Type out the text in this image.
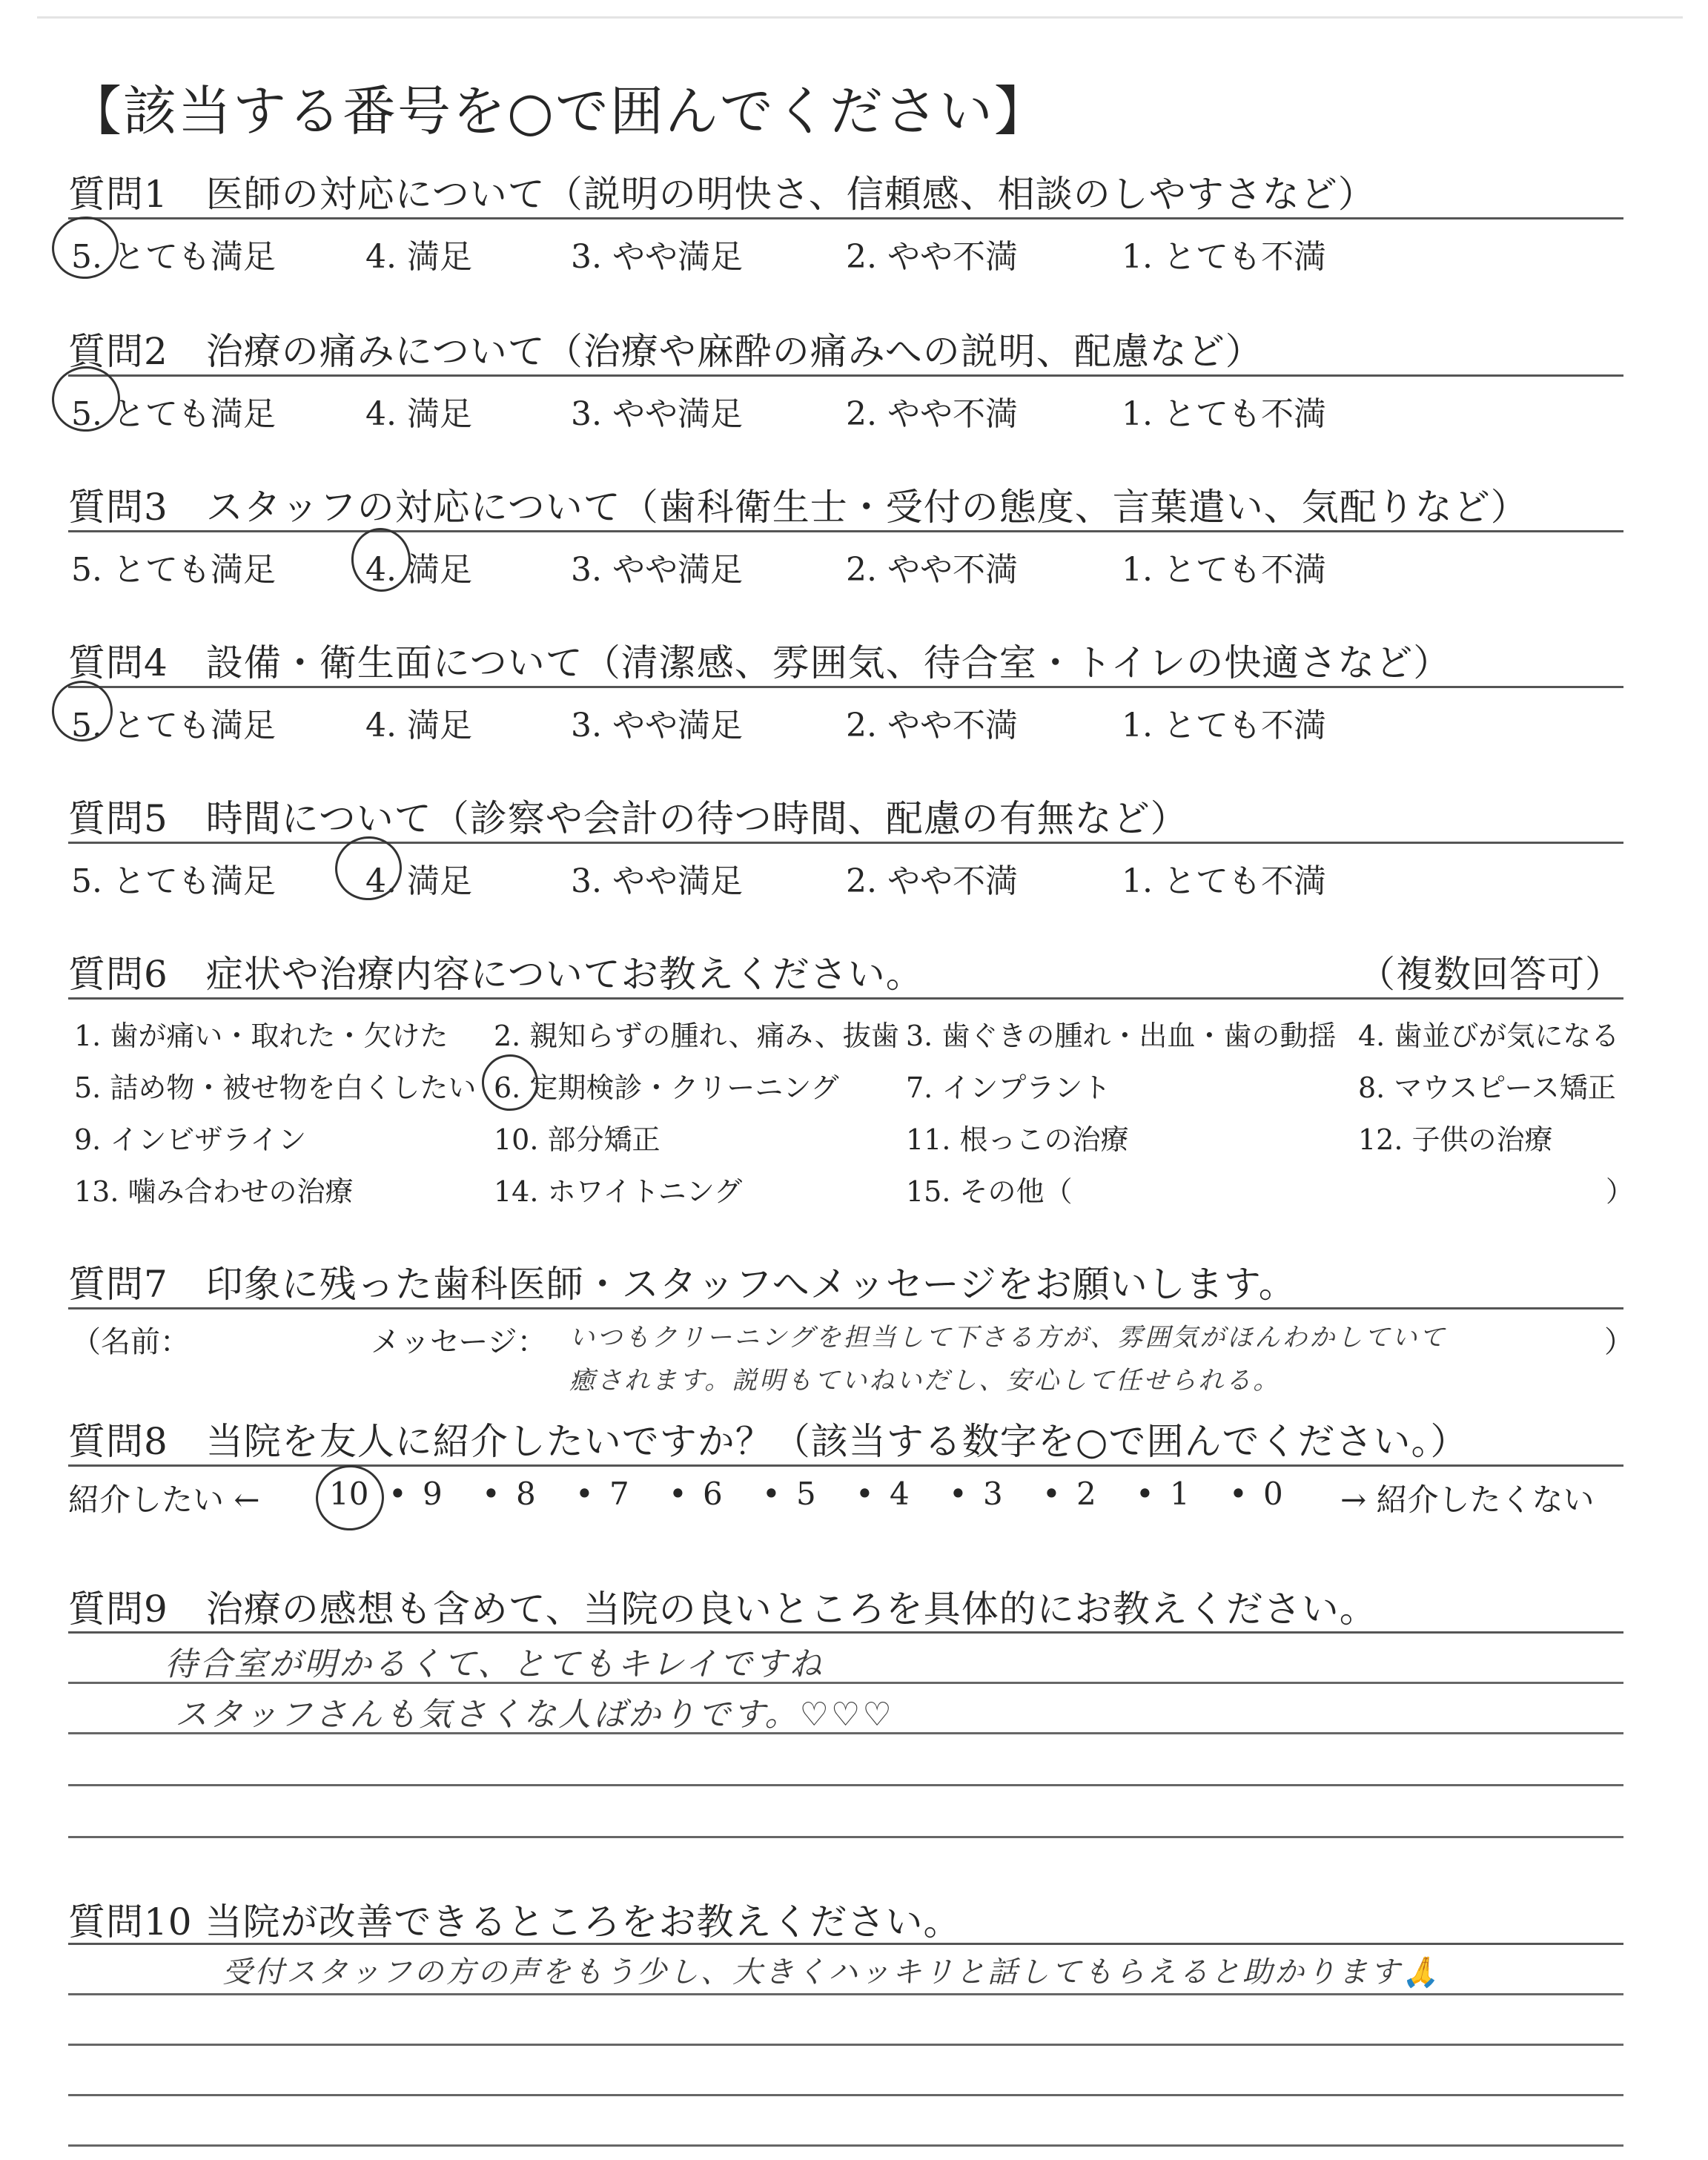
【該当する番号を○で囲んでください】
質問1　医師の対応について（説明の明快さ、信頼感、相談のしやすさなど）
5. とても満足	4. 満足	3. やや満足	2. やや不満	1. とても不満
質問2　治療の痛みについて（治療や麻酔の痛みへの説明、配慮など）
5. とても満足	4. 満足	3. やや満足	2. やや不満	1. とても不満
質問3　スタッフの対応について（歯科衛生士・受付の態度、言葉遣い、気配りなど）
5. とても満足	4. 満足	3. やや満足	2. やや不満	1. とても不満
質問4　設備・衛生面について（清潔感、雰囲気、待合室・トイレの快適さなど）
5. とても満足	4. 満足	3. やや満足	2. やや不満	1. とても不満
質問5　時間について（診察や会計の待つ時間、配慮の有無など）
5. とても満足	4. 満足	3. やや満足	2. やや不満	1. とても不満
質問6　症状や治療内容についてお教えください。	（複数回答可）
1. 歯が痛い・取れた・欠けた 2. 親知らずの腫れ、痛み、抜歯 3. 歯ぐきの腫れ・出血・歯の動揺 4. 歯並びが気になる
5. 詰め物・被せ物を白くしたい 6. 定期検診・クリーニング 7. インプラント	8. マウスピース矯正
9. インビザライン	10. 部分矯正	11. 根っこの治療	12. 子供の治療
13. 噛み合わせの治療	14. ホワイトニング	15. その他（	）
質問7　印象に残った歯科医師・スタッフへメッセージをお願いします。
（名前：	メッセージ：	）
いつもクリーニングを担当して下さる方が、雰囲気がほんわかしていて
癒されます。説明もていねいだし、安心して任せられる。
質問8　当院を友人に紹介したいですか？（該当する数字を○で囲んでください。）
紹介したい ←	→ 紹介したくない
10 • 9 • 8 • 7 • 6 • 5 • 4 • 3 • 2 • 1 • 0
質問9　治療の感想も含めて、当院の良いところを具体的にお教えください。
待合室が明かるくて、とてもキレイですね
スタッフさんも気さくな人ばかりです。♡♡♡
質問10 当院が改善できるところをお教えください。
受付スタッフの方の声をもう少し、大きくハッキリと話してもらえると助かります🙏
